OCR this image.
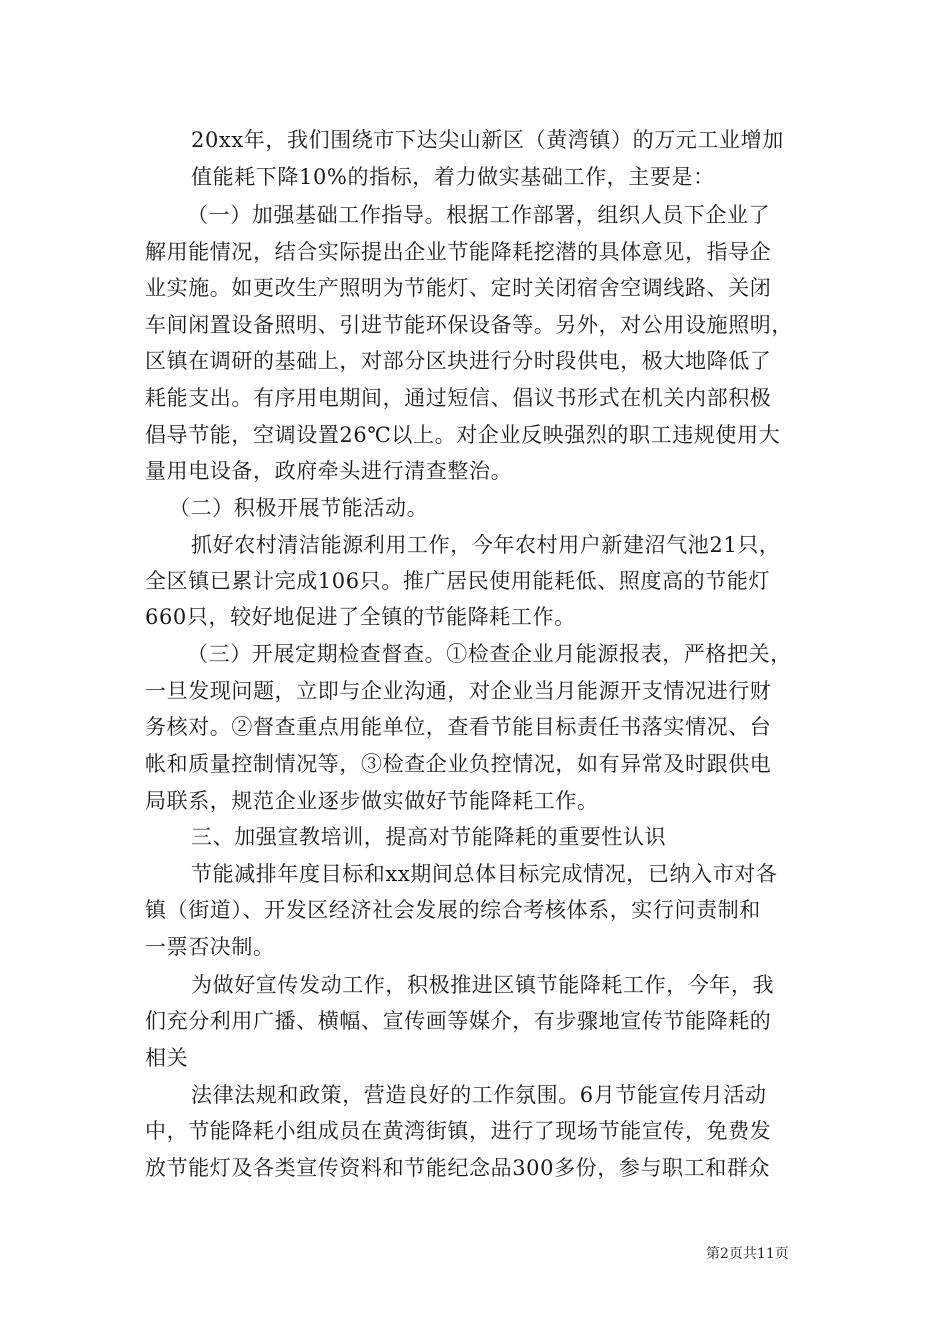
20xx年，我们围绕市下达尖山新区（黄湾镇）的万元工业增加
值能耗下降10%的指标，着力做实基础工作，主要是：
（一）加强基础工作指导。根据工作部署，组织人员下企业了
解用能情况，结合实际提出企业节能降耗挖潜的具体意见，指导企
业实施。如更改生产照明为节能灯、定时关闭宿舍空调线路、关闭
车间闲置设备照明、引进节能环保设备等。另外，对公用设施照明，
区镇在调研的基础上，对部分区块进行分时段供电，极大地降低了
耗能支出。有序用电期间，通过短信、倡议书形式在机关内部积极
倡导节能，空调设置26℃以上。对企业反映强烈的职工违规使用大
量用电设备，政府牵头进行清查整治。
（二）积极开展节能活动。
抓好农村清洁能源利用工作，今年农村用户新建沼气池21只，
全区镇已累计完成106只。推广居民使用能耗低、照度高的节能灯
660只，较好地促进了全镇的节能降耗工作。
（三）开展定期检查督查。①检查企业月能源报表，严格把关，
一旦发现问题，立即与企业沟通，对企业当月能源开支情况进行财
务核对。②督查重点用能单位，查看节能目标责任书落实情况、台
帐和质量控制情况等，③检查企业负控情况，如有异常及时跟供电
局联系，规范企业逐步做实做好节能降耗工作。
三、加强宣教培训，提高对节能降耗的重要性认识
节能减排年度目标和xx期间总体目标完成情况，已纳入市对各
镇（街道）、开发区经济社会发展的综合考核体系，实行问责制和
一票否决制。
为做好宣传发动工作，积极推进区镇节能降耗工作，今年，我
们充分利用广播、横幅、宣传画等媒介，有步骤地宣传节能降耗的
相关
法律法规和政策，营造良好的工作氛围。6月节能宣传月活动
中，节能降耗小组成员在黄湾街镇，进行了现场节能宣传，免费发
放节能灯及各类宣传资料和节能纪念品300多份，参与职工和群众
第2页共11页
